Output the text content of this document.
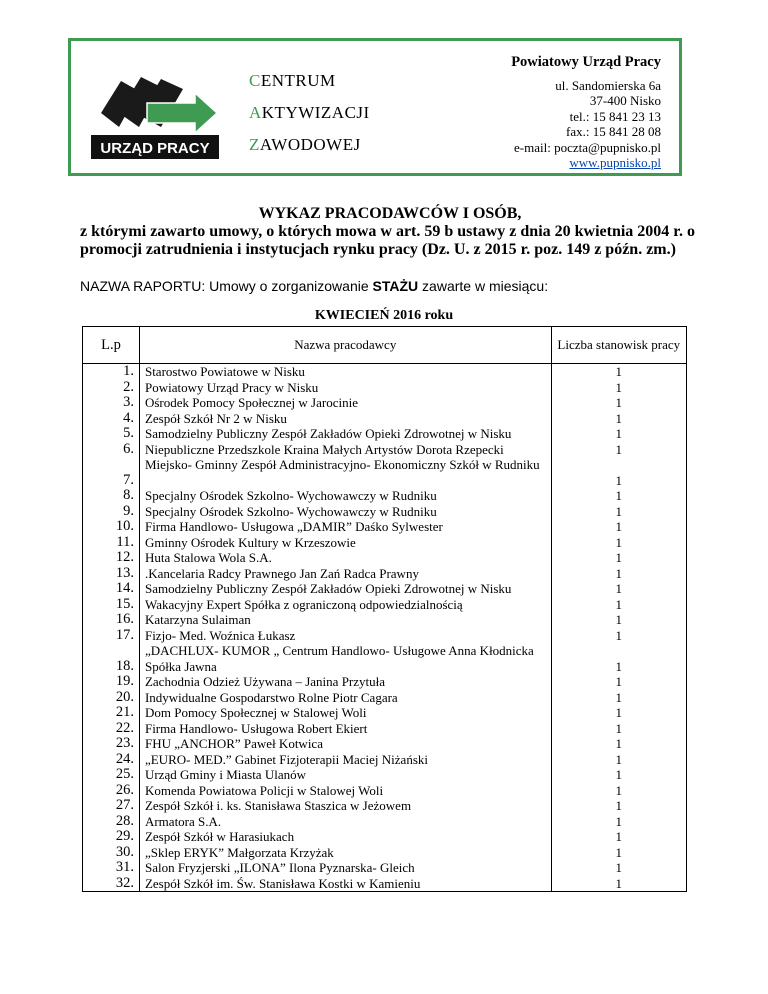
URZĄD PRACY
CENTRUM
AKTYWIZACJI
ZAWODOWEJ
Powiatowy Urząd Pracy
ul. Sandomierska 6a
37-400 Nisko
tel.: 15 841 23 13
fax.: 15 841 28 08
e-mail: poczta@pupnisko.pl
www.pupnisko.pl
WYKAZ PRACODAWCÓW I OSÓB,
z którymi zawarto umowy, o których mowa w art. 59 b ustawy z dnia 20 kwietnia 2004 r. o promocji zatrudnienia i instytucjach rynku pracy (Dz. U. z 2015 r. poz. 149 z późn. zm.)
NAZWA RAPORTU: Umowy o zorganizowanie STAŻU zawarte w miesiącu:
KWIECIEŃ 2016 roku
L.p	Nazwa pracodawcy	Liczba stanowisk pracy
1.	Starostwo Powiatowe w Nisku	1
2.	Powiatowy Urząd Pracy w Nisku	1
3.	Ośrodek Pomocy Społecznej w Jarocinie	1
4.	Zespół Szkół Nr 2 w Nisku	1
5.	Samodzielny Publiczny Zespół Zakładów Opieki Zdrowotnej w Nisku	1
6.	Niepubliczne Przedszkole Kraina Małych Artystów Dorota Rzepecki	1
7.	Miejsko- Gminny Zespół Administracyjno- Ekonomiczny Szkół w Rudniku	1
8.	Specjalny Ośrodek Szkolno- Wychowawczy w Rudniku	1
9.	Specjalny Ośrodek Szkolno- Wychowawczy w Rudniku	1
10.	Firma Handlowo- Usługowa „DAMIR” Daśko Sylwester	1
11.	Gminny Ośrodek Kultury w Krzeszowie	1
12.	Huta Stalowa Wola S.A.	1
13.	.Kancelaria Radcy Prawnego Jan Zań Radca Prawny	1
14.	Samodzielny Publiczny Zespół Zakładów Opieki Zdrowotnej w Nisku	1
15.	Wakacyjny Expert Spółka z ograniczoną odpowiedzialnością	1
16.	Katarzyna Sulaiman	1
17.	Fizjo- Med. Woźnica Łukasz	1
18.	„DACHLUX- KUMOR „ Centrum Handlowo- Usługowe Anna Kłodnicka Spółka Jawna	1
19.	Zachodnia Odzież Używana – Janina Przytuła	1
20.	Indywidualne Gospodarstwo Rolne Piotr Cagara	1
21.	Dom Pomocy Społecznej w Stalowej Woli	1
22.	Firma Handlowo- Usługowa Robert Ekiert	1
23.	FHU „ANCHOR” Paweł Kotwica	1
24.	„EURO- MED.” Gabinet Fizjoterapii Maciej Niżański	1
25.	Urząd Gminy i Miasta Ulanów	1
26.	Komenda Powiatowa Policji w Stalowej Woli	1
27.	Zespół Szkół i. ks. Stanisława Staszica w Jeżowem	1
28.	Armatora S.A.	1
29.	Zespół Szkół w Harasiukach	1
30.	„Sklep ERYK” Małgorzata Krzyżak	1
31.	Salon Fryzjerski „ILONA” Ilona Pyznarska- Gleich	1
32.	Zespół Szkół im. Św. Stanisława Kostki w Kamieniu	1
